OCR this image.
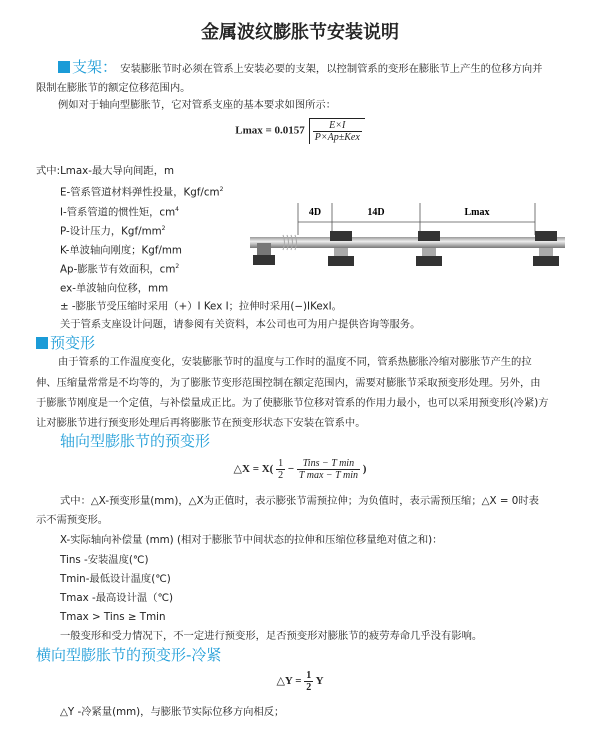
金属波纹膨胀节安装说明
支架： 安装膨胀节时必须在管系上安装必要的支架，以控制管系的变形在膨胀节上产生的位移方向并
限制在膨胀节的额定位移范围内。
例如对于轴向型膨胀节，它对管系支座的基本要求如图所示：
$Lmax = 0.0157 \frac{E\times I}{\text{P×Ap±Kex}}$
式中:Lmax-最大导向间距，m
E-管系管道材料弹性投量，Kgf/$cm^2$
I-管系管道的惯性矩，$cm^4$
P-设计压力，Kgf/$mm^2$
K-单波轴向刚度；Kgf/mm
Ap-膨胀节有效面积，$cm^2$
ex-单波轴向位移，mm
± -膨胀节受压缩时采用（+）I Kex I；拉伸时采用(−)IKexI。
关于管系支座设计问题，请参阅有关资料，本公司也可为用户提供咨询等服务。
4D	14D	Lmax
预变形
由于管系的工作温度变化，安装膨胀节时的温度与工作时的温度不同，管系热膨胀冷缩对膨胀节产生的拉
伸、压缩量常常是不均等的，为了膨胀节变形范围控制在额定范围内，需要对膨胀节采取预变形处理。另外，由
于膨胀节刚度是一个定值，与补偿量成正比。为了使膨胀节位移对管系的作用力最小，也可以采用预变形(冷紧)方
让对膨胀节进行预变形处理后再将膨胀节在预变形状态下安装在管系中。
轴向型膨胀节的预变形
△X = $X( \frac{1}{2} - \frac{\text{Tins − T min}}{\text{T max − T min}}$ )
式中：△X-预变形量(mm)，△X为正值时，表示膨张节需预拉伸；为负值时，表示需预压缩；△X = 0时表
示不需预变形。
X-实际轴向补偿量 (mm) (相对于膨胀节中间状态的拉伸和压缩位移量绝对值之和)：
Tins -安装温度(℃)
Tmin-最低设计温度(℃)
Tmax -最高设计温（℃)
Tmax > Tins ≥ Tmin
一般变形和受力情况下，不一定进行预变形，足否预变形对膨胀节的疲劳寿命几乎没有影响。
横向型膨胀节的预变形-冷紧
△Y = $\frac{1}{2}$ Y
△Y -冷紧量(mm)，与膨胀节实际位移方向相反；
